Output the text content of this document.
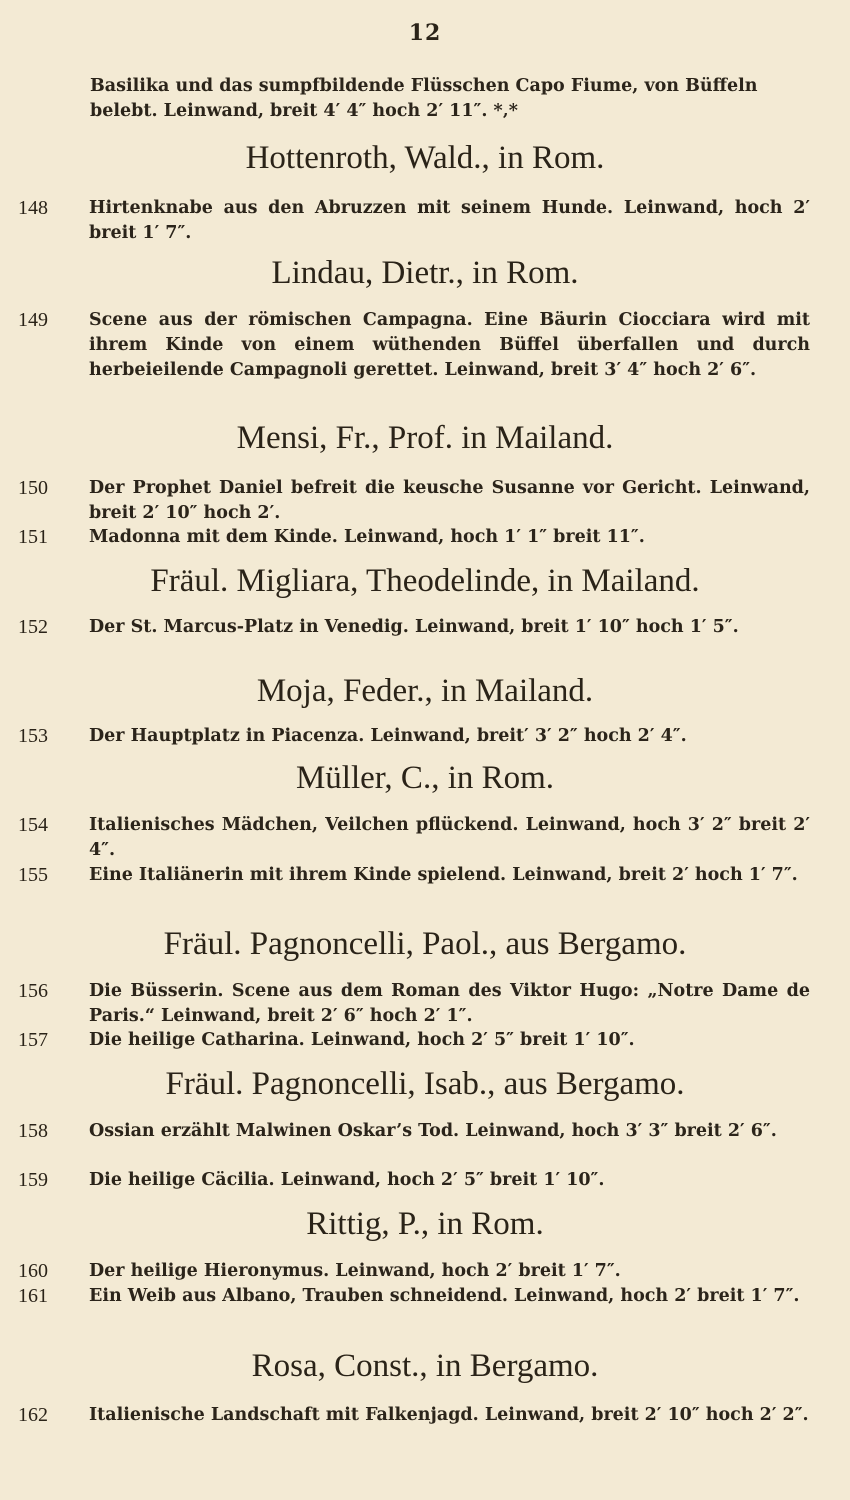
12
Basilika und das sumpfbildende Flüsschen Capo Fiume, von Büffeln belebt. Leinwand, breit 4′ 4″ hoch 2′ 11″. *‚*
Hottenroth, Wald., in Rom.
148	Hirtenknabe aus den Abruzzen mit seinem Hunde. Leinwand, hoch 2′ breit 1′ 7″.
Lindau, Dietr., in Rom.
149	Scene aus der römischen Campagna. Eine Bäurin Ciocciara wird mit ihrem Kinde von einem wüthenden Büffel überfallen und durch herbeieilende Campagnoli gerettet. Leinwand, breit 3′ 4″ hoch 2′ 6″.
Mensi, Fr., Prof. in Mailand.
150	Der Prophet Daniel befreit die keusche Susanne vor Gericht. Leinwand, breit 2′ 10″ hoch 2′.
151	Madonna mit dem Kinde. Leinwand, hoch 1′ 1″ breit 11″.
Fräul. Migliara, Theodelinde, in Mailand.
152	Der St. Marcus-Platz in Venedig. Leinwand, breit 1′ 10″ hoch 1′ 5″.
Moja, Feder., in Mailand.
153	Der Hauptplatz in Piacenza. Leinwand, breit′ 3′ 2″ hoch 2′ 4″.
Müller, C., in Rom.
154	Italienisches Mädchen, Veilchen pflückend. Leinwand, hoch 3′ 2″ breit 2′ 4″.
155	Eine Italiänerin mit ihrem Kinde spielend. Leinwand, breit 2′ hoch 1′ 7″.
Fräul. Pagnoncelli, Paol., aus Bergamo.
156	Die Büsserin. Scene aus dem Roman des Viktor Hugo: „Notre Dame de Paris.“ Leinwand, breit 2′ 6″ hoch 2′ 1″.
157	Die heilige Catharina. Leinwand, hoch 2′ 5″ breit 1′ 10″.
Fräul. Pagnoncelli, Isab., aus Bergamo.
158	Ossian erzählt Malwinen Oskar’s Tod. Leinwand, hoch 3′ 3″ breit 2′ 6″.
159	Die heilige Cäcilia. Leinwand, hoch 2′ 5″ breit 1′ 10″.
Rittig, P., in Rom.
160	Der heilige Hieronymus. Leinwand, hoch 2′ breit 1′ 7″.
161	Ein Weib aus Albano, Trauben schneidend. Leinwand, hoch 2′ breit 1′ 7″.
Rosa, Const., in Bergamo.
162	Italienische Landschaft mit Falkenjagd. Leinwand, breit 2′ 10″ hoch 2′ 2″.
